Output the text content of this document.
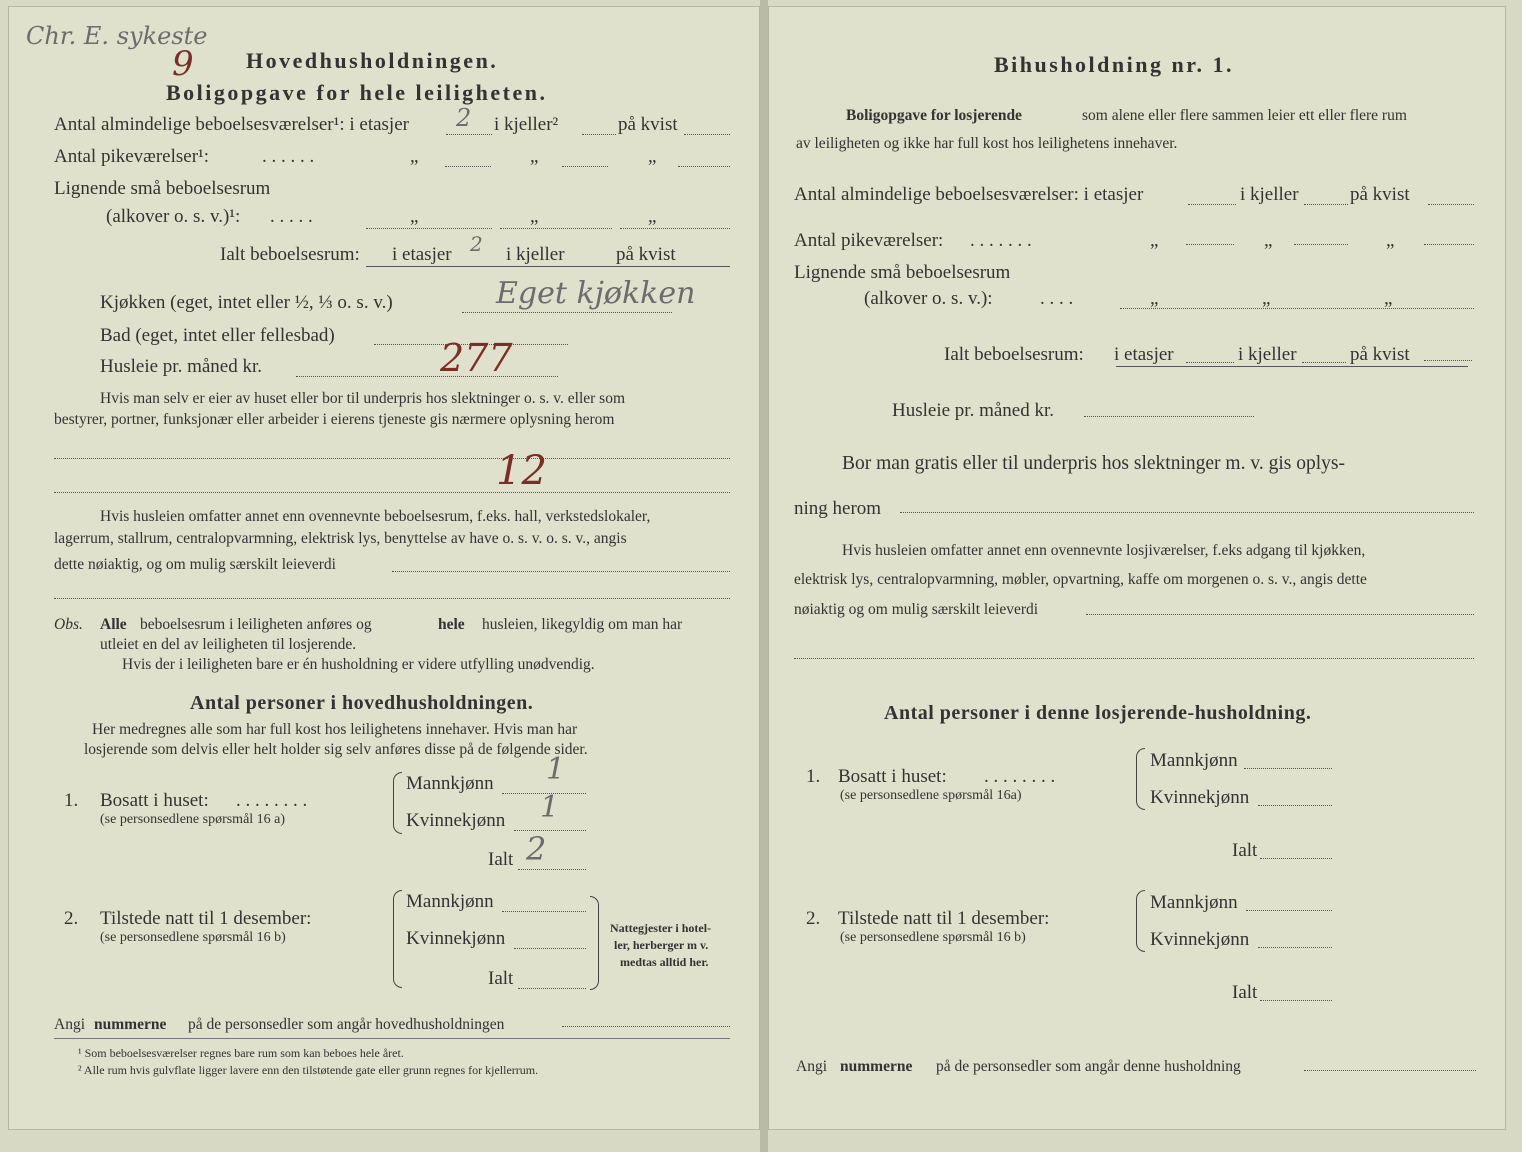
Chr. E. sykeste
9 Hovedhusholdningen.
Boligopgave for hele leiligheten.
Antal almindelige beboelsesværelser¹: i etasjer 2 i kjeller²	på kvist
Antal pikeværelser¹:	. . . . . .	„	„	„
Lignende små beboelsesrum
(alkover o. s. v.)¹: . . . . .	„	„	„
Ialt beboelsesrum: i etasjer 2 i kjeller	på kvist
Kjøkken (eget, intet eller ½, ⅓ o. s. v.)	Eget kjøkken
Bad (eget, intet eller fellesbad)
Husleie pr. måned kr.	277
Hvis man selv er eier av huset eller bor til underpris hos slektninger o. s. v. eller som
bestyrer, portner, funksjonær eller arbeider i eierens tjeneste gis nærmere oplysning herom
12
Hvis husleien omfatter annet enn ovennevnte beboelsesrum, f.eks. hall, verkstedslokaler,
lagerrum, stallrum, centralopvarmning, elektrisk lys, benyttelse av have o. s. v. o. s. v., angis
dette nøiaktig, og om mulig særskilt leieverdi
Obs. Alle beboelsesrum i leiligheten anføres og	hele husleien, likegyldig om man har
utleiet en del av leiligheten til losjerende.
Hvis der i leiligheten bare er én husholdning er videre utfylling unødvendig.
Antal personer i hovedhusholdningen.
Her medregnes alle som har full kost hos leilighetens innehaver. Hvis man har
losjerende som delvis eller helt holder sig selv anføres disse på de følgende sider.
1. Bosatt i huset: . . . . . . . .
(se personsedlene spørsmål 16 a)
Mannkjønn 1
Kvinnekjønn 1
Ialt 2
2. Tilstede natt til 1 desember:
(se personsedlene spørsmål 16 b)
Mannkjønn
Kvinnekjønn
Ialt
Nattegjester i hotel-
ler, herberger m v.
medtas alltid her.
Angi nummerne på de personsedler som angår hovedhusholdningen
¹ Som beboelsesværelser regnes bare rum som kan beboes hele året.
² Alle rum hvis gulvflate ligger lavere enn den tilstøtende gate eller grunn regnes for kjellerrum.
Bihusholdning nr. 1.
Boligopgave for losjerende	som alene eller flere sammen leier ett eller flere rum
av leiligheten og ikke har full kost hos leilighetens innehaver.
Antal almindelige beboelsesværelser: i etasjer	i kjeller	på kvist
Antal pikeværelser: . . . . . . .	„	„	„
Lignende små beboelsesrum
(alkover o. s. v.): . . . .	„	„	„
Ialt beboelsesrum: i etasjer	i kjeller	på kvist
Husleie pr. måned kr.
Bor man gratis eller til underpris hos slektninger m. v. gis oplys-
ning herom
Hvis husleien omfatter annet enn ovennevnte losjiværelser, f.eks adgang til kjøkken,
elektrisk lys, centralopvarmning, møbler, opvartning, kaffe om morgenen o. s. v., angis dette
nøiaktig og om mulig særskilt leieverdi
Antal personer i denne losjerende-husholdning.
1. Bosatt i huset: . . . . . . . .
(se personsedlene spørsmål 16a)
Mannkjønn
Kvinnekjønn
Ialt
2. Tilstede natt til 1 desember:
(se personsedlene spørsmål 16 b)
Mannkjønn
Kvinnekjønn
Ialt
Angi nummerne på de personsedler som angår denne husholdning
